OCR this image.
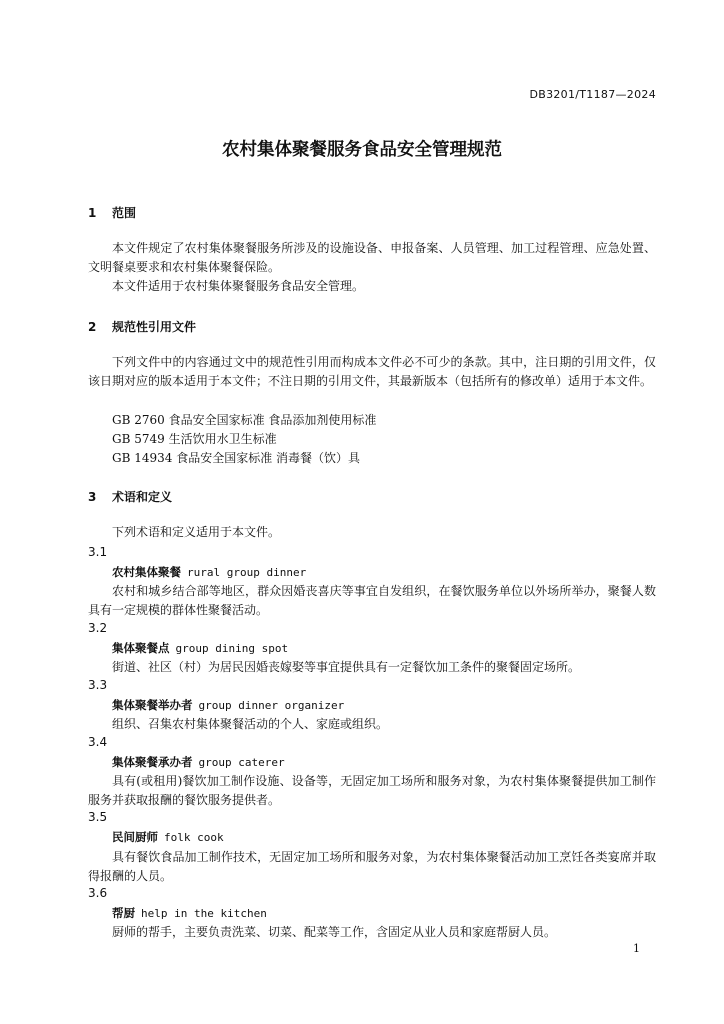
DB3201/T1187—2024
农村集体聚餐服务食品安全管理规范
1 范围
本文件规定了农村集体聚餐服务所涉及的设施设备、申报备案、人员管理、加工过程管理、应急处置、文明餐桌要求和农村集体聚餐保险。
本文件适用于农村集体聚餐服务食品安全管理。
2 规范性引用文件
下列文件中的内容通过文中的规范性引用而构成本文件必不可少的条款。其中，注日期的引用文件，仅该日期对应的版本适用于本文件；不注日期的引用文件，其最新版本（包括所有的修改单）适用于本文件。
GB 2760 食品安全国家标准 食品添加剂使用标准
GB 5749 生活饮用水卫生标准
GB 14934 食品安全国家标准 消毒餐（饮）具
3 术语和定义
下列术语和定义适用于本文件。
3.1
农村集体聚餐 rural group dinner
农村和城乡结合部等地区，群众因婚丧喜庆等事宜自发组织，在餐饮服务单位以外场所举办，聚餐人数具有一定规模的群体性聚餐活动。
3.2
集体聚餐点 group dining spot
街道、社区（村）为居民因婚丧嫁娶等事宜提供具有一定餐饮加工条件的聚餐固定场所。
3.3
集体聚餐举办者 group dinner organizer
组织、召集农村集体聚餐活动的个人、家庭或组织。
3.4
集体聚餐承办者 group caterer
具有(或租用)餐饮加工制作设施、设备等，无固定加工场所和服务对象，为农村集体聚餐提供加工制作服务并获取报酬的餐饮服务提供者。
3.5
民间厨师 folk cook
具有餐饮食品加工制作技术，无固定加工场所和服务对象，为农村集体聚餐活动加工烹饪各类宴席并取得报酬的人员。
3.6
帮厨 help in the kitchen
厨师的帮手，主要负责洗菜、切菜、配菜等工作，含固定从业人员和家庭帮厨人员。
1
